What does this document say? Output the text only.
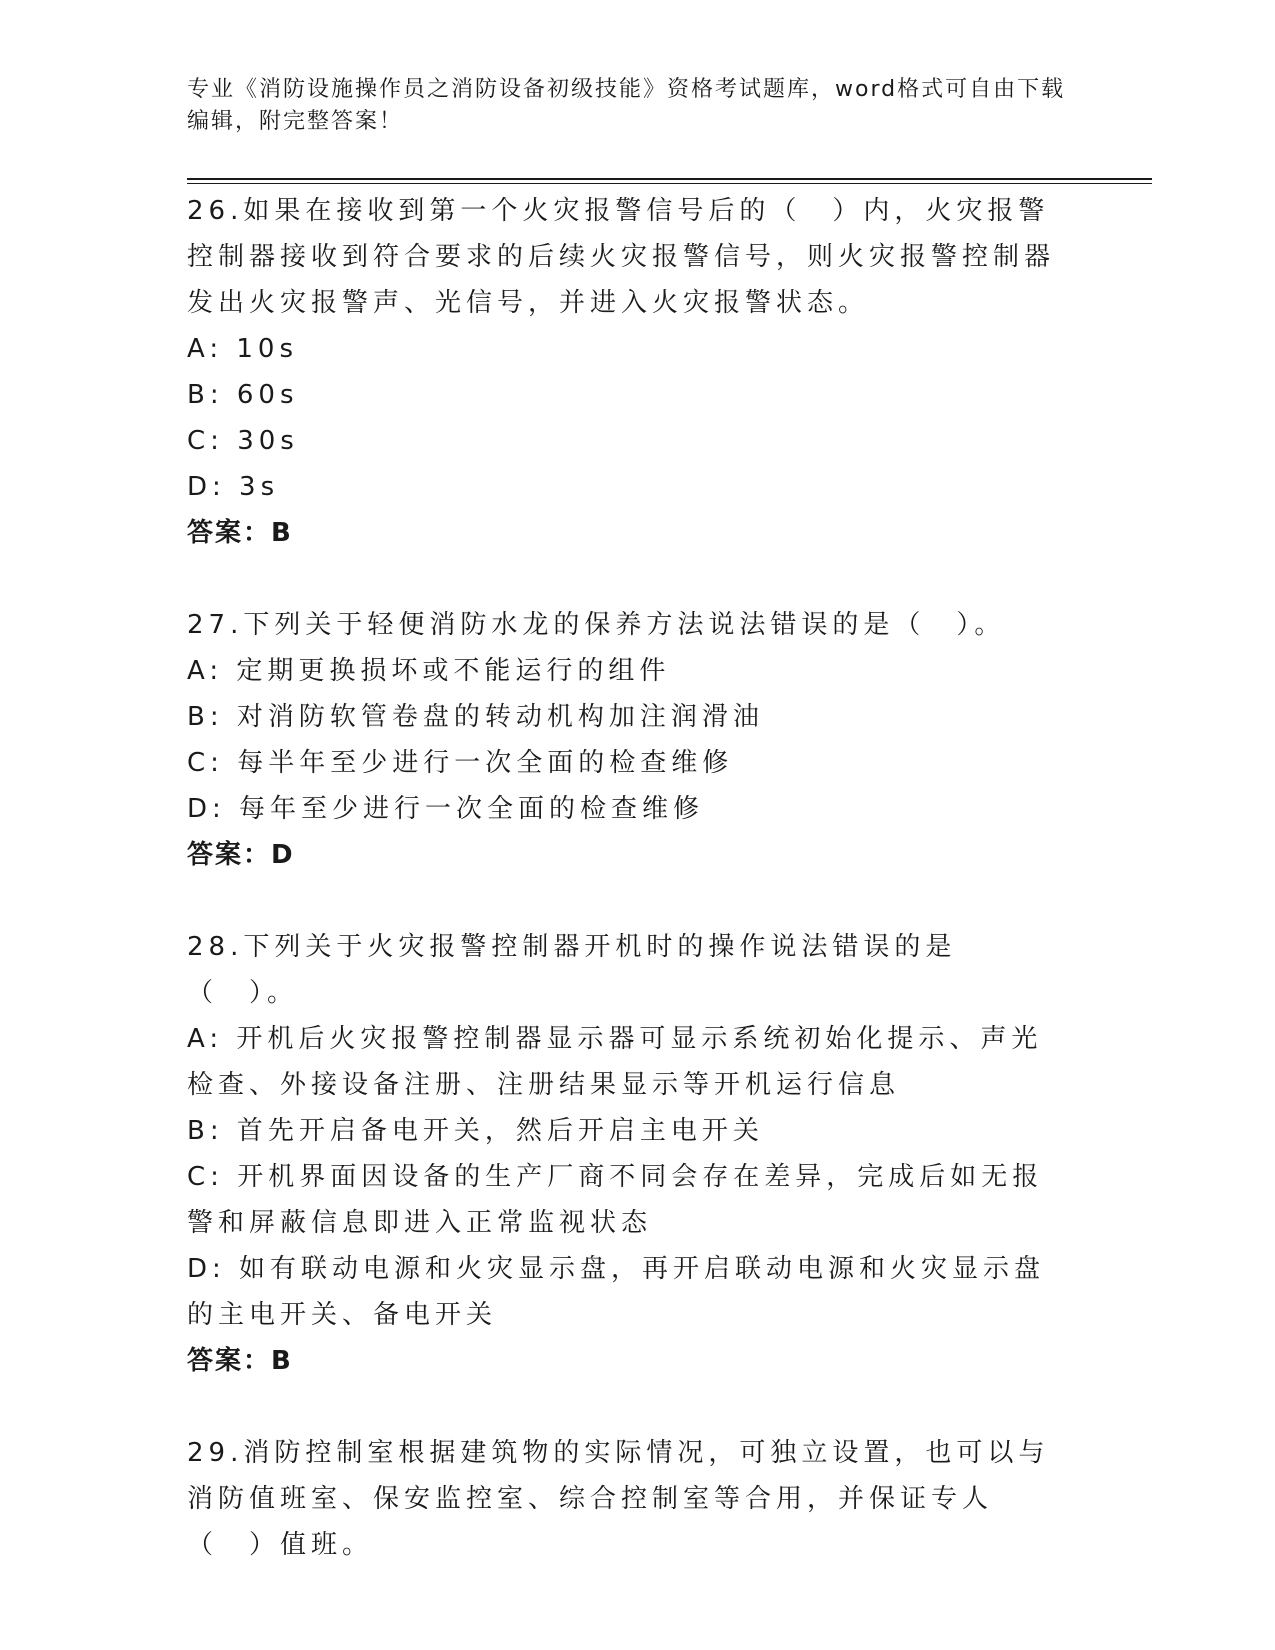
专业《消防设施操作员之消防设备初级技能》资格考试题库，word格式可自由下载编辑，附完整答案！
26.如果在接收到第一个火灾报警信号后的（　）内，火灾报警控制器接收到符合要求的后续火灾报警信号，则火灾报警控制器发出火灾报警声、光信号，并进入火灾报警状态。
A: 10s
B: 60s
C: 30s
D: 3s
答案：B
27.下列关于轻便消防水龙的保养方法说法错误的是（　）。
A: 定期更换损坏或不能运行的组件
B: 对消防软管卷盘的转动机构加注润滑油
C: 每半年至少进行一次全面的检查维修
D: 每年至少进行一次全面的检查维修
答案：D
28.下列关于火灾报警控制器开机时的操作说法错误的是（　）。
A: 开机后火灾报警控制器显示器可显示系统初始化提示、声光检查、外接设备注册、注册结果显示等开机运行信息
B: 首先开启备电开关，然后开启主电开关
C: 开机界面因设备的生产厂商不同会存在差异，完成后如无报警和屏蔽信息即进入正常监视状态
D: 如有联动电源和火灾显示盘，再开启联动电源和火灾显示盘的主电开关、备电开关
答案：B
29.消防控制室根据建筑物的实际情况，可独立设置，也可以与消防值班室、保安监控室、综合控制室等合用，并保证专人（　）值班。
